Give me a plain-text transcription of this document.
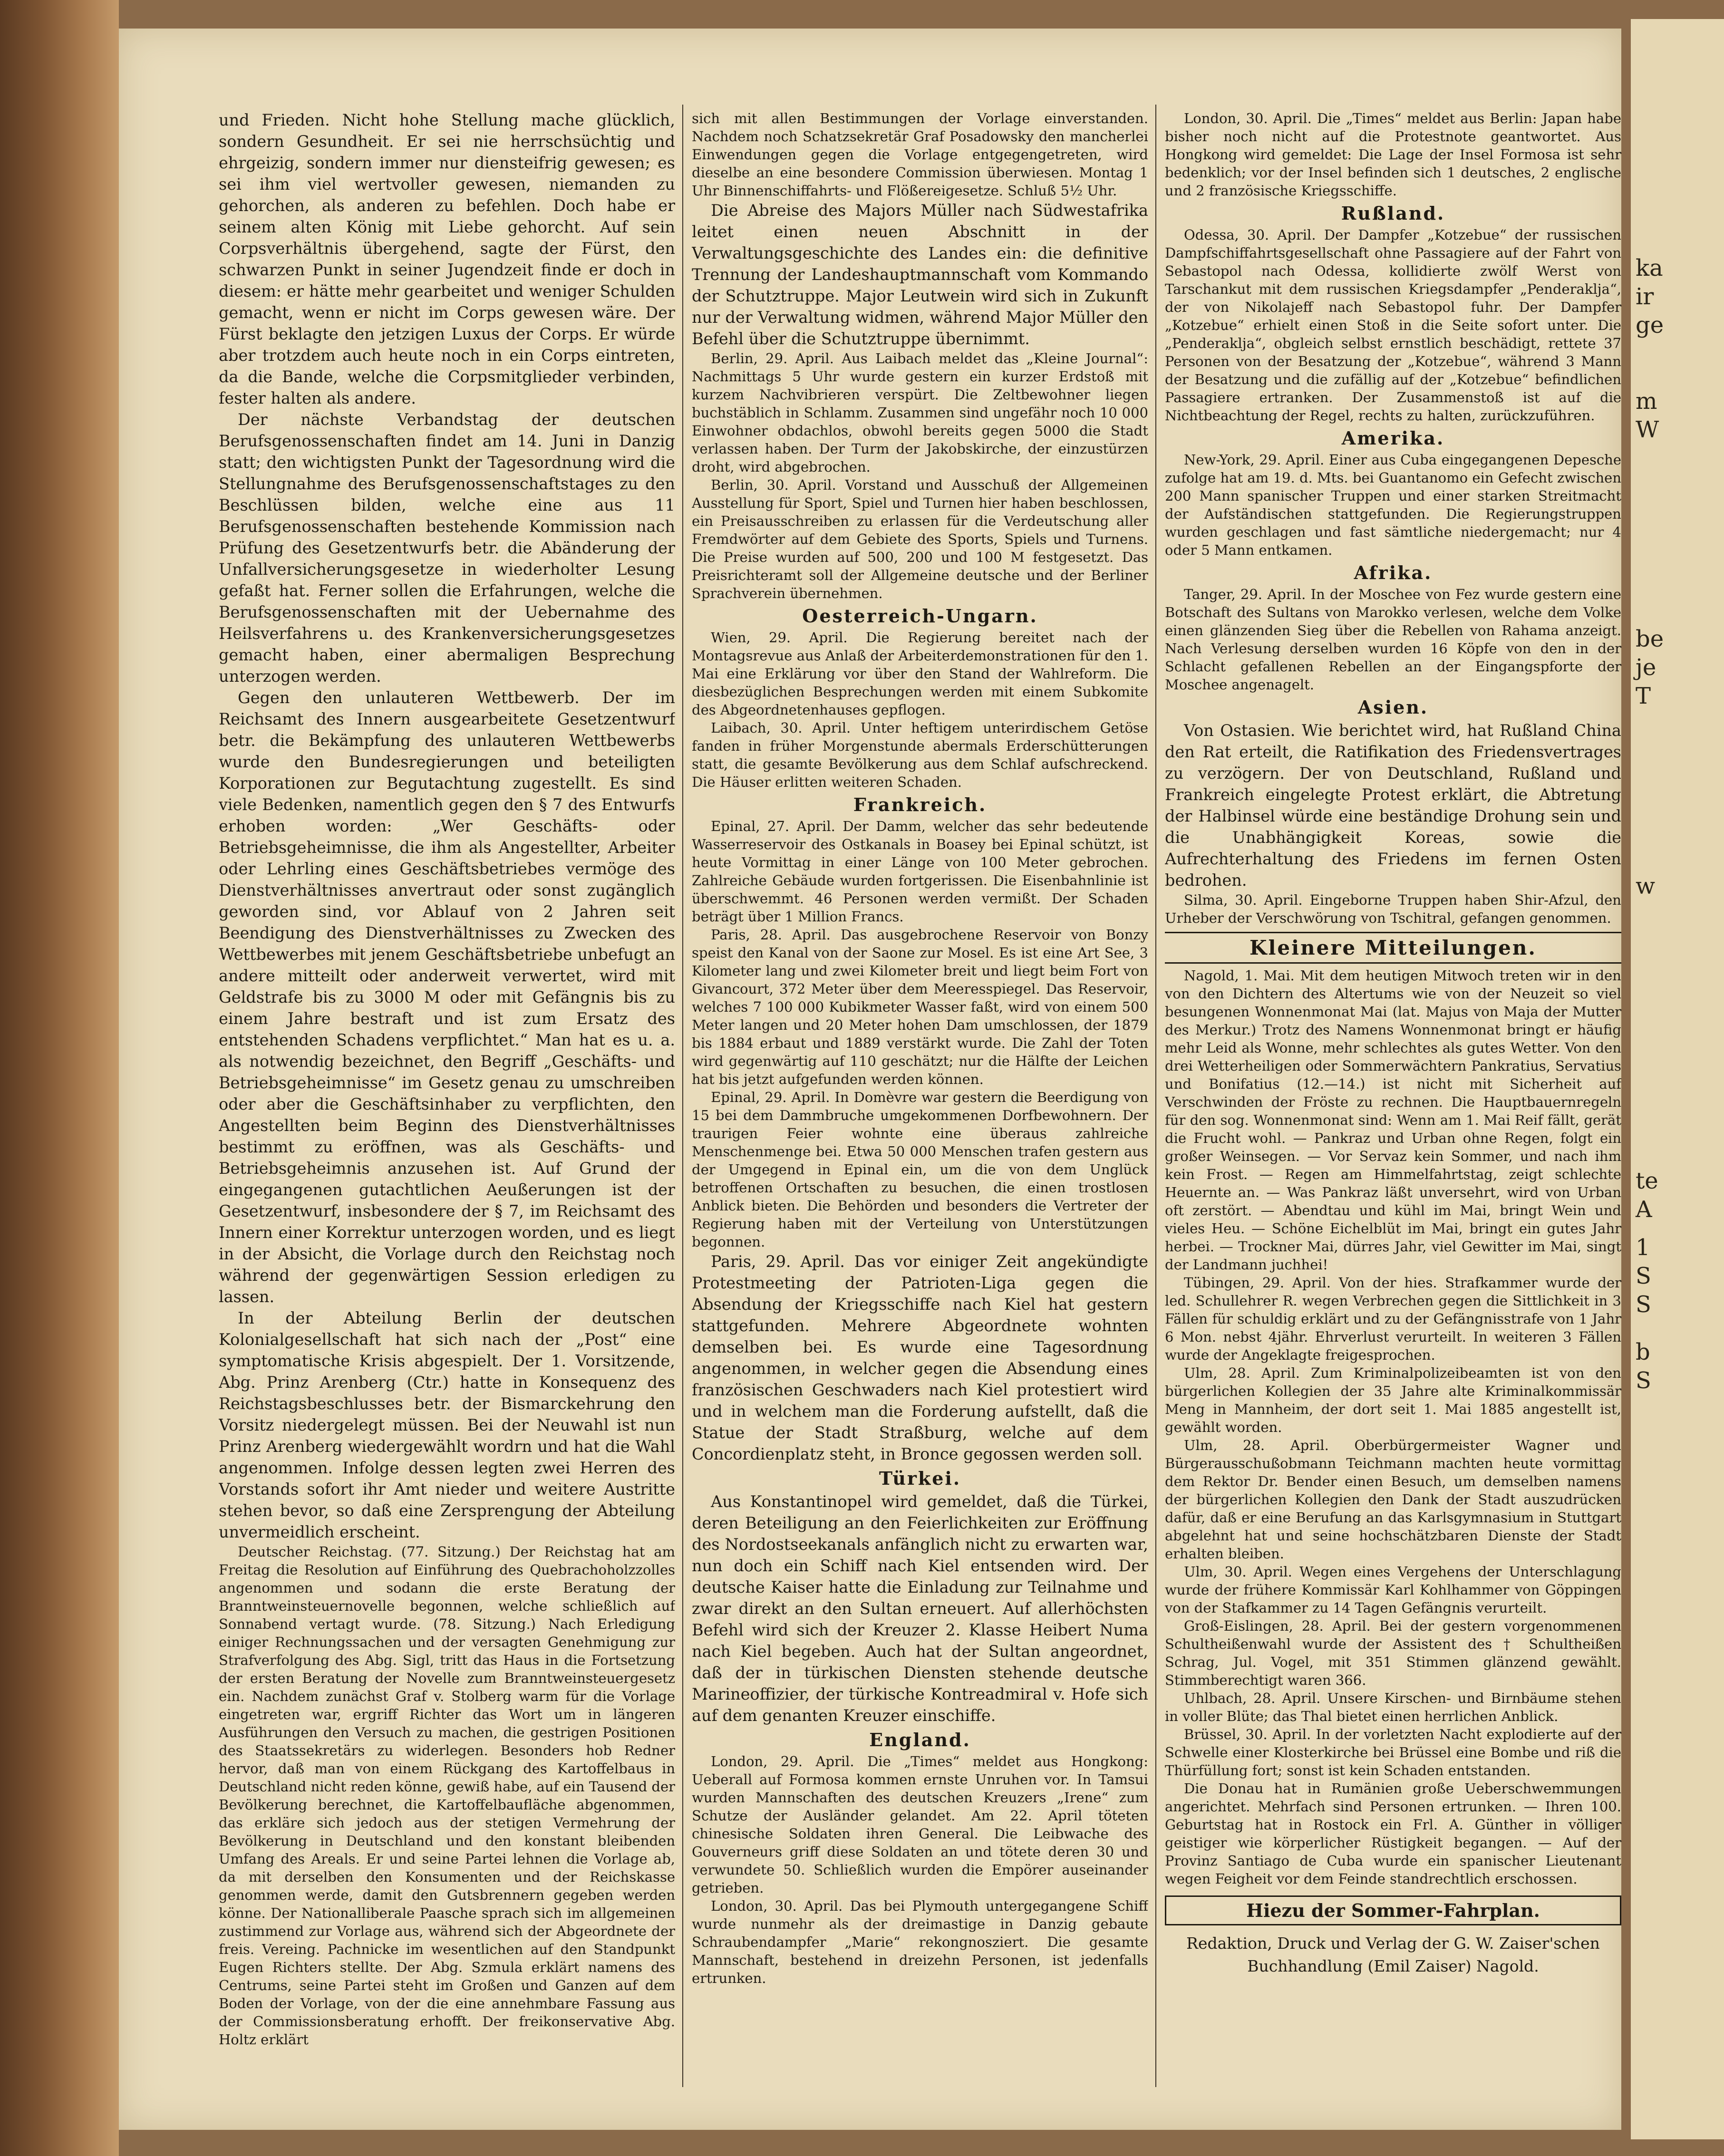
und Frieden. Nicht hohe Stellung mache glücklich, sondern Gesundheit. Er sei nie herrschsüchtig und ehrgeizig, sondern immer nur diensteifrig gewesen; es sei ihm viel wertvoller gewesen, niemanden zu gehorchen, als anderen zu befehlen. Doch habe er seinem alten König mit Liebe gehorcht. Auf sein Corpsverhältnis übergehend, sagte der Fürst, den schwarzen Punkt in seiner Jugendzeit finde er doch in diesem: er hätte mehr gearbeitet und weniger Schulden gemacht, wenn er nicht im Corps gewesen wäre. Der Fürst beklagte den jetzigen Luxus der Corps. Er würde aber trotzdem auch heute noch in ein Corps eintreten, da die Bande, welche die Corpsmitglieder verbinden, fester halten als andere.

Der nächste Verbandstag der deutschen Berufsgenossenschaften findet am 14. Juni in Danzig statt; den wichtigsten Punkt der Tagesordnung wird die Stellungnahme des Berufsgenossenschaftstages zu den Beschlüssen bilden, welche eine aus 11 Berufsgenossenschaften bestehende Kommission nach Prüfung des Gesetzentwurfs betr. die Abänderung der Unfallversicherungsgesetze in wiederholter Lesung gefaßt hat. Ferner sollen die Erfahrungen, welche die Berufsgenossenschaften mit der Uebernahme des Heilsverfahrens u. des Krankenversicherungsgesetzes gemacht haben, einer abermaligen Besprechung unterzogen werden.

Gegen den unlauteren Wettbewerb. Der im Reichsamt des Innern ausgearbeitete Gesetzentwurf betr. die Bekämpfung des unlauteren Wettbewerbs wurde den Bundesregierungen und beteiligten Korporationen zur Begutachtung zugestellt. Es sind viele Bedenken, namentlich gegen den § 7 des Entwurfs erhoben worden: „Wer Geschäfts- oder Betriebsgeheimnisse, die ihm als Angestellter, Arbeiter oder Lehrling eines Geschäftsbetriebes vermöge des Dienstverhältnisses anvertraut oder sonst zugänglich geworden sind, vor Ablauf von 2 Jahren seit Beendigung des Dienstverhältnisses zu Zwecken des Wettbewerbes mit jenem Geschäftsbetriebe unbefugt an andere mitteilt oder anderweit verwertet, wird mit Geldstrafe bis zu 3000 M oder mit Gefängnis bis zu einem Jahre bestraft und ist zum Ersatz des entstehenden Schadens verpflichtet.“ Man hat es u. a. als notwendig bezeichnet, den Begriff „Geschäfts- und Betriebsgeheimnisse“ im Gesetz genau zu umschreiben oder aber die Geschäftsinhaber zu verpflichten, den Angestellten beim Beginn des Dienstverhältnisses bestimmt zu eröffnen, was als Geschäfts- und Betriebsgeheimnis anzusehen ist. Auf Grund der eingegangenen gutachtlichen Aeußerungen ist der Gesetzentwurf, insbesondere der § 7, im Reichsamt des Innern einer Korrektur unterzogen worden, und es liegt in der Absicht, die Vorlage durch den Reichstag noch während der gegenwärtigen Session erledigen zu lassen.

In der Abteilung Berlin der deutschen Kolonialgesellschaft hat sich nach der „Post“ eine symptomatische Krisis abgespielt. Der 1. Vorsitzende, Abg. Prinz Arenberg (Ctr.) hatte in Konsequenz des Reichstagsbeschlusses betr. der Bismarckehrung den Vorsitz niedergelegt müssen. Bei der Neuwahl ist nun Prinz Arenberg wiedergewählt wordrn und hat die Wahl angenommen. Infolge dessen legten zwei Herren des Vorstands sofort ihr Amt nieder und weitere Austritte stehen bevor, so daß eine Zersprengung der Abteilung unvermeidlich erscheint.

Deutscher Reichstag. (77. Sitzung.) Der Reichstag hat am Freitag die Resolution auf Einführung des Quebrachoholzzolles angenommen und sodann die erste Beratung der Branntweinsteuernovelle begonnen, welche schließlich auf Sonnabend vertagt wurde. (78. Sitzung.) Nach Erledigung einiger Rechnungssachen und der versagten Genehmigung zur Strafverfolgung des Abg. Sigl, tritt das Haus in die Fortsetzung der ersten Beratung der Novelle zum Branntweinsteuergesetz ein. Nachdem zunächst Graf v. Stolberg warm für die Vorlage eingetreten war, ergriff Richter das Wort um in längeren Ausführungen den Versuch zu machen, die gestrigen Positionen des Staatssekretärs zu widerlegen. Besonders hob Redner hervor, daß man von einem Rückgang des Kartoffelbaus in Deutschland nicht reden könne, gewiß habe, auf ein Tausend der Bevölkerung berechnet, die Kartoffelbaufläche abgenommen, das erkläre sich jedoch aus der stetigen Vermehrung der Bevölkerung in Deutschland und den konstant bleibenden Umfang des Areals. Er und seine Partei lehnen die Vorlage ab, da mit derselben den Konsumenten und der Reichskasse genommen werde, damit den Gutsbrennern gegeben werden könne. Der Nationalliberale Paasche sprach sich im allgemeinen zustimmend zur Vorlage aus, während sich der Abgeordnete der freis. Vereing. Pachnicke im wesentlichen auf den Standpunkt Eugen Richters stellte. Der Abg. Szmula erklärt namens des Centrums, seine Partei steht im Großen und Ganzen auf dem Boden der Vorlage, von der die eine annehmbare Fassung aus der Commissionsberatung erhofft. Der freikonservative Abg. Holtz erklärt

sich mit allen Bestimmungen der Vorlage einverstanden. Nachdem noch Schatzsekretär Graf Posadowsky den mancherlei Einwendungen gegen die Vorlage entgegengetreten, wird dieselbe an eine besondere Commission überwiesen. Montag 1 Uhr Binnenschiffahrts- und Flößereigesetze. Schluß 5½ Uhr.

Die Abreise des Majors Müller nach Südwestafrika leitet einen neuen Abschnitt in der Verwaltungsgeschichte des Landes ein: die definitive Trennung der Landeshauptmannschaft vom Kommando der Schutztruppe. Major Leutwein wird sich in Zukunft nur der Verwaltung widmen, während Major Müller den Befehl über die Schutztruppe übernimmt.

Berlin, 29. April. Aus Laibach meldet das „Kleine Journal“: Nachmittags 5 Uhr wurde gestern ein kurzer Erdstoß mit kurzem Nachvibrieren verspürt. Die Zeltbewohner liegen buchstäblich in Schlamm. Zusammen sind ungefähr noch 10 000 Einwohner obdachlos, obwohl bereits gegen 5000 die Stadt verlassen haben. Der Turm der Jakobskirche, der einzustürzen droht, wird abgebrochen.

Berlin, 30. April. Vorstand und Ausschuß der Allgemeinen Ausstellung für Sport, Spiel und Turnen hier haben beschlossen, ein Preisausschreiben zu erlassen für die Verdeutschung aller Fremdwörter auf dem Gebiete des Sports, Spiels und Turnens. Die Preise wurden auf 500, 200 und 100 M festgesetzt. Das Preisrichteramt soll der Allgemeine deutsche und der Berliner Sprachverein übernehmen.

Oesterreich-Ungarn.

Wien, 29. April. Die Regierung bereitet nach der Montagsrevue aus Anlaß der Arbeiterdemonstrationen für den 1. Mai eine Erklärung vor über den Stand der Wahlreform. Die diesbezüglichen Besprechungen werden mit einem Subkomite des Abgeordnetenhauses gepflogen.

Laibach, 30. April. Unter heftigem unterirdischem Getöse fanden in früher Morgenstunde abermals Erderschütterungen statt, die gesamte Bevölkerung aus dem Schlaf aufschreckend. Die Häuser erlitten weiteren Schaden.

Frankreich.

Epinal, 27. April. Der Damm, welcher das sehr bedeutende Wasserreservoir des Ostkanals in Boasey bei Epinal schützt, ist heute Vormittag in einer Länge von 100 Meter gebrochen. Zahlreiche Gebäude wurden fortgerissen. Die Eisenbahnlinie ist überschwemmt. 46 Personen werden vermißt. Der Schaden beträgt über 1 Million Francs.

Paris, 28. April. Das ausgebrochene Reservoir von Bonzy speist den Kanal von der Saone zur Mosel. Es ist eine Art See, 3 Kilometer lang und zwei Kilometer breit und liegt beim Fort von Givancourt, 372 Meter über dem Meeresspiegel. Das Reservoir, welches 7 100 000 Kubikmeter Wasser faßt, wird von einem 500 Meter langen und 20 Meter hohen Dam umschlossen, der 1879 bis 1884 erbaut und 1889 verstärkt wurde. Die Zahl der Toten wird gegenwärtig auf 110 geschätzt; nur die Hälfte der Leichen hat bis jetzt aufgefunden werden können.

Epinal, 29. April. In Domèvre war gestern die Beerdigung von 15 bei dem Dammbruche umgekommenen Dorfbewohnern. Der traurigen Feier wohnte eine überaus zahlreiche Menschenmenge bei. Etwa 50 000 Menschen trafen gestern aus der Umgegend in Epinal ein, um die von dem Unglück betroffenen Ortschaften zu besuchen, die einen trostlosen Anblick bieten. Die Behörden und besonders die Vertreter der Regierung haben mit der Verteilung von Unterstützungen begonnen.

Paris, 29. April. Das vor einiger Zeit angekündigte Protestmeeting der Patrioten-Liga gegen die Absendung der Kriegsschiffe nach Kiel hat gestern stattgefunden. Mehrere Abgeordnete wohnten demselben bei. Es wurde eine Tagesordnung angenommen, in welcher gegen die Absendung eines französischen Geschwaders nach Kiel protestiert wird und in welchem man die Forderung aufstellt, daß die Statue der Stadt Straßburg, welche auf dem Concordienplatz steht, in Bronce gegossen werden soll.

Türkei.

Aus Konstantinopel wird gemeldet, daß die Türkei, deren Beteiligung an den Feierlichkeiten zur Eröffnung des Nordostseekanals anfänglich nicht zu erwarten war, nun doch ein Schiff nach Kiel entsenden wird. Der deutsche Kaiser hatte die Einladung zur Teilnahme und zwar direkt an den Sultan erneuert. Auf allerhöchsten Befehl wird sich der Kreuzer 2. Klasse Heibert Numa nach Kiel begeben. Auch hat der Sultan angeordnet, daß der in türkischen Diensten stehende deutsche Marineoffizier, der türkische Kontreadmiral v. Hofe sich auf dem genanten Kreuzer einschiffe.

England.

London, 29. April. Die „Times“ meldet aus Hongkong: Ueberall auf Formosa kommen ernste Unruhen vor. In Tamsui wurden Mannschaften des deutschen Kreuzers „Irene“ zum Schutze der Ausländer gelandet. Am 22. April töteten chinesische Soldaten ihren General. Die Leibwache des Gouverneurs griff diese Soldaten an und tötete deren 30 und verwundete 50. Schließlich wurden die Empörer auseinander getrieben.

London, 30. April. Das bei Plymouth untergegangene Schiff wurde nunmehr als der dreimastige in Danzig gebaute Schraubendampfer „Marie“ rekongnosziert. Die gesamte Mannschaft, bestehend in dreizehn Personen, ist jedenfalls ertrunken.

London, 30. April. Die „Times“ meldet aus Berlin: Japan habe bisher noch nicht auf die Protestnote geantwortet. Aus Hongkong wird gemeldet: Die Lage der Insel Formosa ist sehr bedenklich; vor der Insel befinden sich 1 deutsches, 2 englische und 2 französische Kriegsschiffe.

Rußland.

Odessa, 30. April. Der Dampfer „Kotzebue“ der russischen Dampfschiffahrtsgesellschaft ohne Passagiere auf der Fahrt von Sebastopol nach Odessa, kollidierte zwölf Werst von Tarschankut mit dem russischen Kriegsdampfer „Penderaklja“, der von Nikolajeff nach Sebastopol fuhr. Der Dampfer „Kotzebue“ erhielt einen Stoß in die Seite sofort unter. Die „Penderaklja“, obgleich selbst ernstlich beschädigt, rettete 37 Personen von der Besatzung der „Kotzebue“, während 3 Mann der Besatzung und die zufällig auf der „Kotzebue“ befindlichen Passagiere ertranken. Der Zusammenstoß ist auf die Nichtbeachtung der Regel, rechts zu halten, zurückzuführen.

Amerika.

New-York, 29. April. Einer aus Cuba eingegangenen Depesche zufolge hat am 19. d. Mts. bei Guantanomo ein Gefecht zwischen 200 Mann spanischer Truppen und einer starken Streitmacht der Aufständischen stattgefunden. Die Regierungstruppen wurden geschlagen und fast sämtliche niedergemacht; nur 4 oder 5 Mann entkamen.

Afrika.

Tanger, 29. April. In der Moschee von Fez wurde gestern eine Botschaft des Sultans von Marokko verlesen, welche dem Volke einen glänzenden Sieg über die Rebellen von Rahama anzeigt. Nach Verlesung derselben wurden 16 Köpfe von den in der Schlacht gefallenen Rebellen an der Eingangspforte der Moschee angenagelt.

Asien.

Von Ostasien. Wie berichtet wird, hat Rußland China den Rat erteilt, die Ratifikation des Friedensvertrages zu verzögern. Der von Deutschland, Rußland und Frankreich eingelegte Protest erklärt, die Abtretung der Halbinsel würde eine beständige Drohung sein und die Unabhängigkeit Koreas, sowie die Aufrechterhaltung des Friedens im fernen Osten bedrohen.

Silma, 30. April. Eingeborne Truppen haben Shir-Afzul, den Urheber der Verschwörung von Tschitral, gefangen genommen.

Kleinere Mitteilungen.

Nagold, 1. Mai. Mit dem heutigen Mitwoch treten wir in den von den Dichtern des Altertums wie von der Neuzeit so viel besungenen Wonnenmonat Mai (lat. Majus von Maja der Mutter des Merkur.) Trotz des Namens Wonnenmonat bringt er häufig mehr Leid als Wonne, mehr schlechtes als gutes Wetter. Von den drei Wetterheiligen oder Sommerwächtern Pankratius, Servatius und Bonifatius (12.—14.) ist nicht mit Sicherheit auf Verschwinden der Fröste zu rechnen. Die Hauptbauernregeln für den sog. Wonnenmonat sind: Wenn am 1. Mai Reif fällt, gerät die Frucht wohl. — Pankraz und Urban ohne Regen, folgt ein großer Weinsegen. — Vor Servaz kein Sommer, und nach ihm kein Frost. — Regen am Himmelfahrtstag, zeigt schlechte Heuernte an. — Was Pankraz läßt unversehrt, wird von Urban oft zerstört. — Abendtau und kühl im Mai, bringt Wein und vieles Heu. — Schöne Eichelblüt im Mai, bringt ein gutes Jahr herbei. — Trockner Mai, dürres Jahr, viel Gewitter im Mai, singt der Landmann juchhei!

Tübingen, 29. April. Von der hies. Strafkammer wurde der led. Schullehrer R. wegen Verbrechen gegen die Sittlichkeit in 3 Fällen für schuldig erklärt und zu der Gefängnisstrafe von 1 Jahr 6 Mon. nebst 4jähr. Ehrverlust verurteilt. In weiteren 3 Fällen wurde der Angeklagte freigesprochen.

Ulm, 28. April. Zum Kriminalpolizeibeamten ist von den bürgerlichen Kollegien der 35 Jahre alte Kriminalkommissär Meng in Mannheim, der dort seit 1. Mai 1885 angestellt ist, gewählt worden.

Ulm, 28. April. Oberbürgermeister Wagner und Bürgerausschußobmann Teichmann machten heute vormittag dem Rektor Dr. Bender einen Besuch, um demselben namens der bürgerlichen Kollegien den Dank der Stadt auszudrücken dafür, daß er eine Berufung an das Karlsgymnasium in Stuttgart abgelehnt hat und seine hochschätzbaren Dienste der Stadt erhalten bleiben.

Ulm, 30. April. Wegen eines Vergehens der Unterschlagung wurde der frühere Kommissär Karl Kohlhammer von Göppingen von der Stafkammer zu 14 Tagen Gefängnis verurteilt.

Groß-Eislingen, 28. April. Bei der gestern vorgenommenen Schultheißenwahl wurde der Assistent des † Schultheißen Schrag, Jul. Vogel, mit 351 Stimmen glänzend gewählt. Stimmberechtigt waren 366.

Uhlbach, 28. April. Unsere Kirschen- und Birnbäume stehen in voller Blüte; das Thal bietet einen herrlichen Anblick.

Brüssel, 30. April. In der vorletzten Nacht explodierte auf der Schwelle einer Klosterkirche bei Brüssel eine Bombe und riß die Thürfüllung fort; sonst ist kein Schaden entstanden.

Die Donau hat in Rumänien große Ueberschwemmungen angerichtet. Mehrfach sind Personen ertrunken. — Ihren 100. Geburtstag hat in Rostock ein Frl. A. Günther in völliger geistiger wie körperlicher Rüstigkeit begangen. — Auf der Provinz Santiago de Cuba wurde ein spanischer Lieutenant wegen Feigheit vor dem Feinde standrechtlich erschossen.

Hiezu der Sommer-Fahrplan.

Redaktion, Druck und Verlag der G. W. Zaiser'schen

Buchhandlung (Emil Zaiser) Nagold.

ka
ir
ge
m
W
be
je
T
w
te
A
1
S
S
b
S
